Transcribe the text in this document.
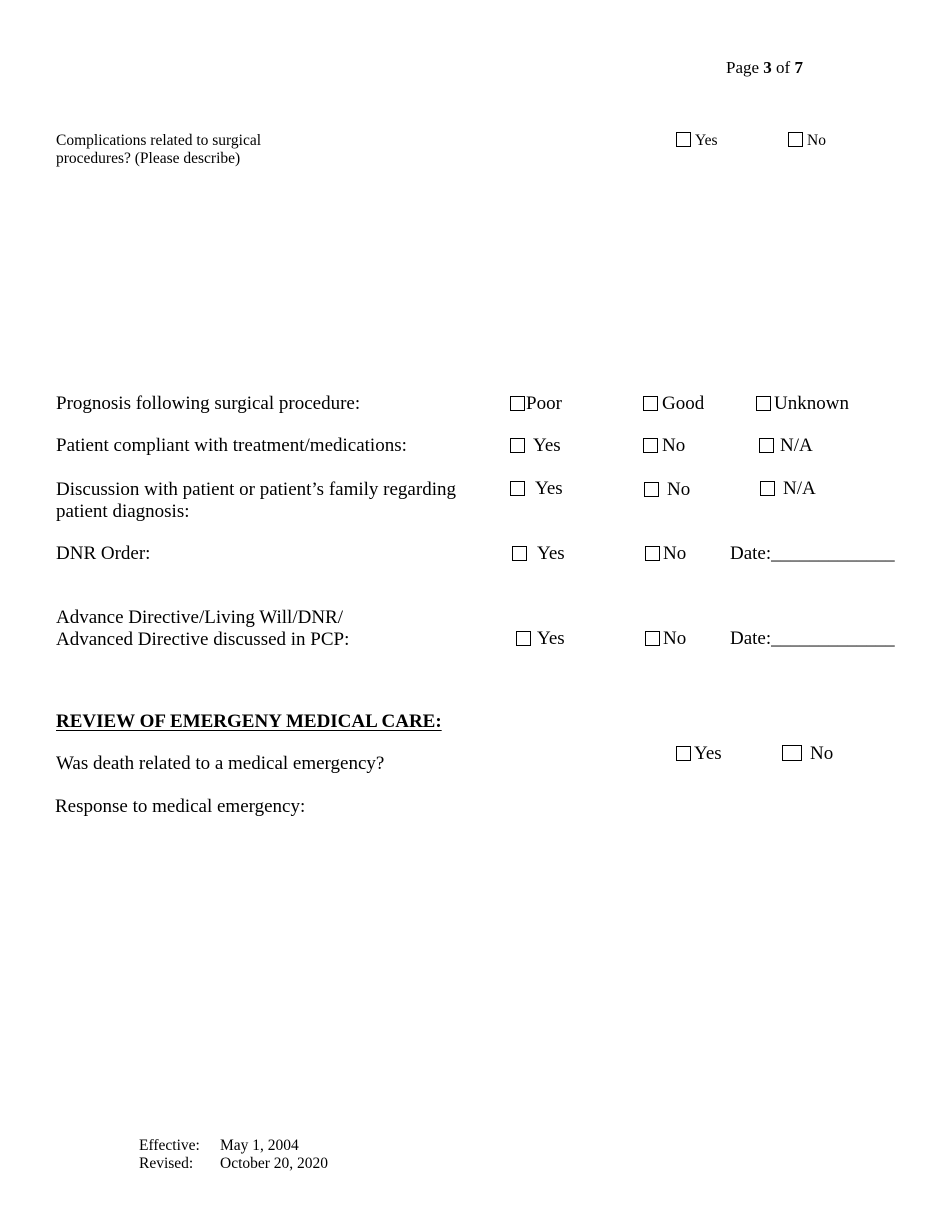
Page 3 of 7
Complications related to surgical
procedures? (Please describe)
Yes	No
Prognosis following surgical procedure:	Poor	Good	Unknown
Patient compliant with treatment/medications:	Yes	No	N/A
Discussion with patient or patient’s family regarding
patient diagnosis:
Yes	No	N/A
DNR Order:	Yes	No Date:_____________
Advance Directive/Living Will/DNR/
Advanced Directive discussed in PCP:	Yes	No Date:_____________
REVIEW OF EMERGENY MEDICAL CARE:
Was death related to a medical emergency?	Yes	No
Response to medical emergency:
Effective: May 1, 2004
Revised: October 20, 2020
